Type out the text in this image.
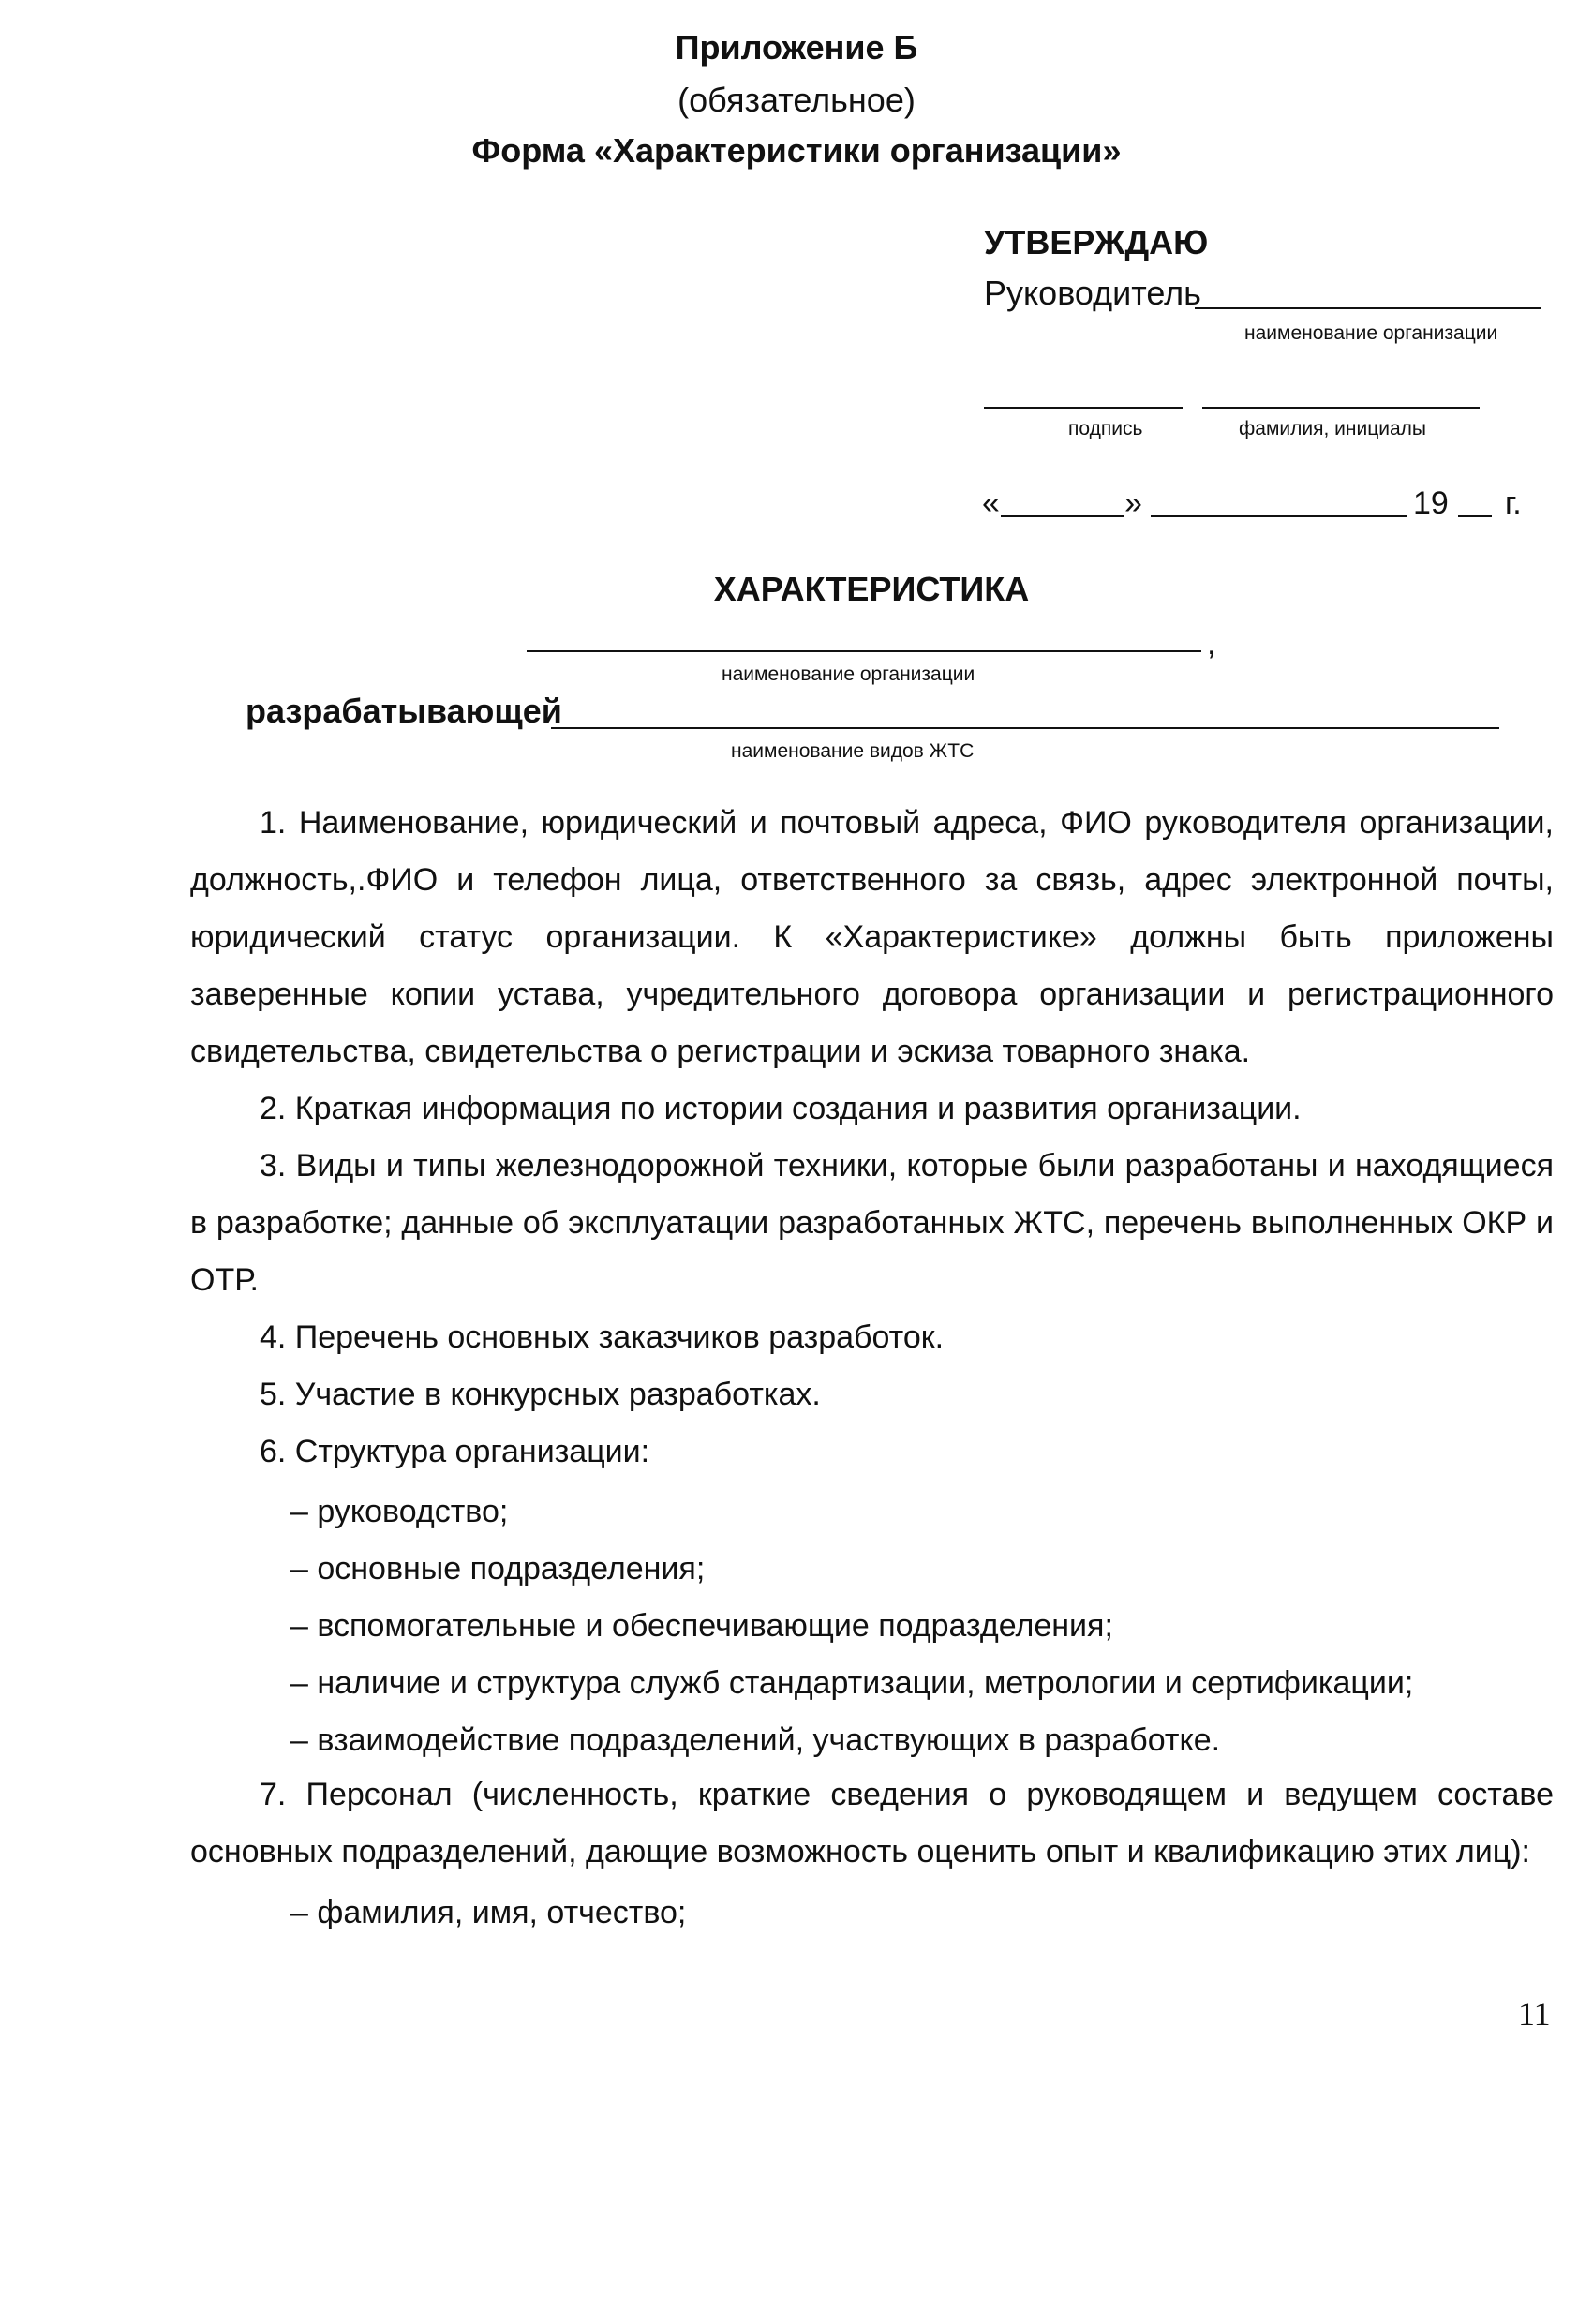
Приложение Б
(обязательное)
Форма «Характеристики организации»
УТВЕРЖДАЮ
Руководитель
наименование организации
подпись	фамилия, инициалы
«	»	19 г.
ХАРАКТЕРИСТИКА
,
наименование организации
разрабатывающей
наименование видов ЖТС
1. Наименование, юридический и почтовый адреса, ФИО руководителя организации, должность,.ФИО и телефон лица, ответственного за связь, адрес электронной почты, юридический статус организации. К «Характеристике» должны быть приложены заверенные копии устава, учредительного договора организации и регистрационного свидетельства, свидетельства о регистрации и эскиза товарного знака.
2. Краткая информация по истории создания и развития организации.
3. Виды и типы железнодорожной техники, которые были разработаны и находящиеся в разработке; данные об эксплуатации разработанных ЖТС, перечень выполненных ОКР и ОТР.
4. Перечень основных заказчиков разработок.
5. Участие в конкурсных разработках.
6. Структура организации:
– руководство;
– основные подразделения;
– вспомогательные и обеспечивающие подразделения;
– наличие и структура служб стандартизации, метрологии и сертификации;
– взаимодействие подразделений, участвующих в разработке.
7. Персонал (численность, краткие сведения о руководящем и ведущем составе основных подразделений, дающие возможность оценить опыт и квалификацию этих лиц):
– фамилия, имя, отчество;
11
